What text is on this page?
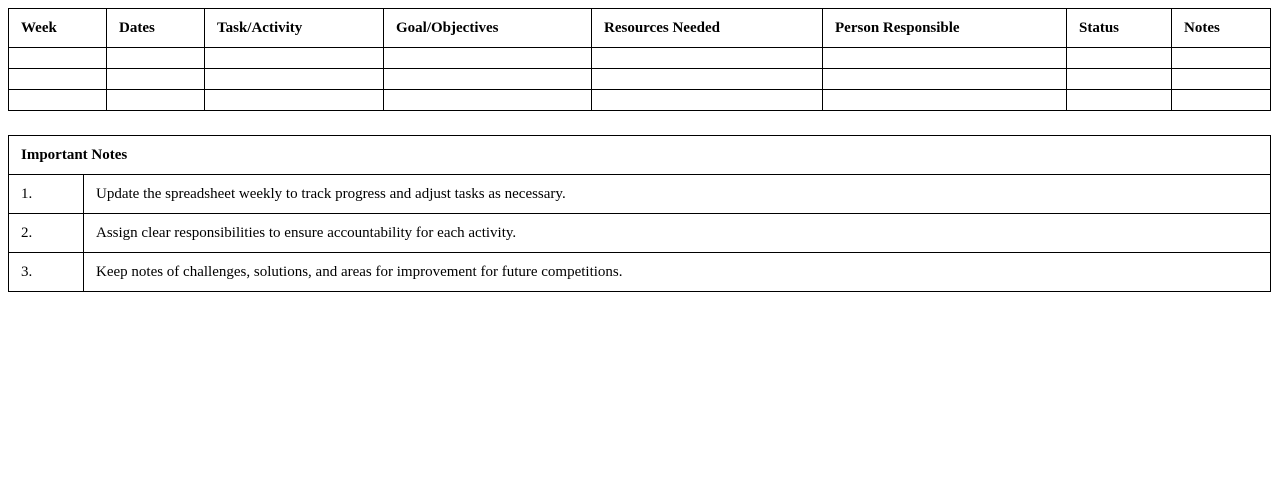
Week	Dates	Task/Activity	Goal/Objectives	Resources Needed	Person Responsible	Status	Notes

Important Notes	
1.	Update the spreadsheet weekly to track progress and adjust tasks as necessary.
2.	Assign clear responsibilities to ensure accountability for each activity.
3.	Keep notes of challenges, solutions, and areas for improvement for future competitions.
